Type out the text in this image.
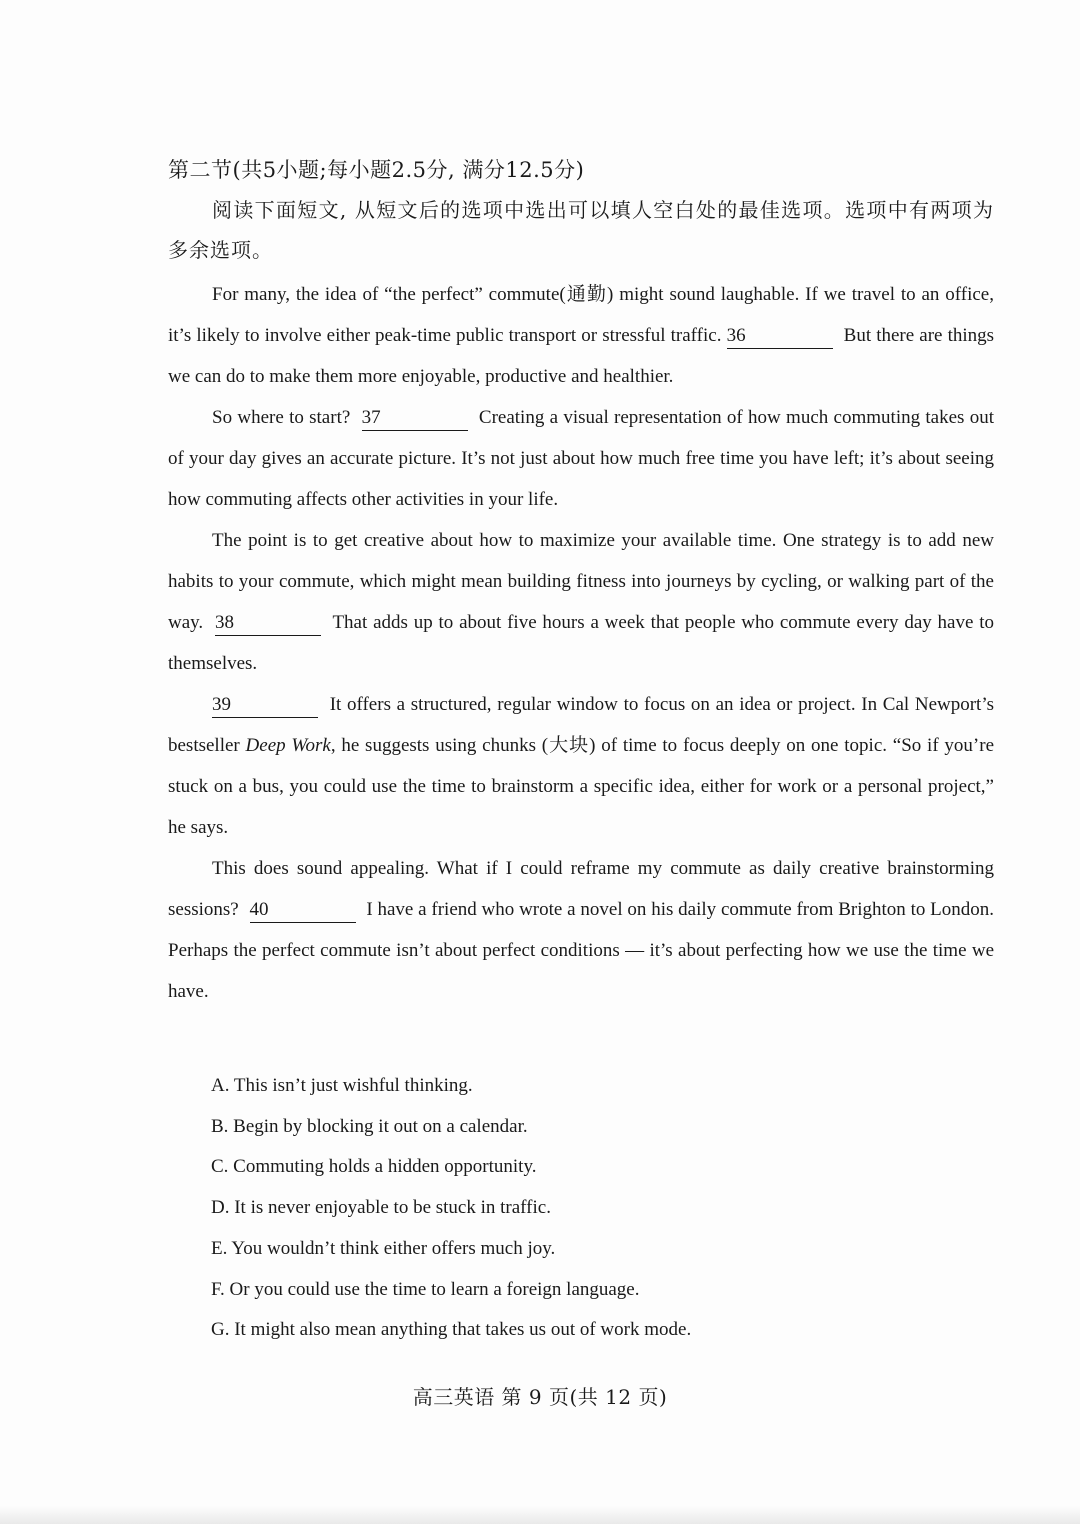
第二节(共5小题;每小题2.5分, 满分12.5分)

阅读下面短文, 从短文后的选项中选出可以填人空白处的最佳选项。选项中有两项为多余选项。

For many, the idea of “the perfect” commute(通勤) might sound laughable. If we travel to an office, it’s likely to involve either peak-time public transport or stressful traffic. 36	But there are things we can do to make them more enjoyable, productive and healthier.

So where to start? 37	Creating a visual representation of how much commuting takes out of your day gives an accurate picture. It’s not just about how much free time you have left; it’s about seeing how commuting affects other activities in your life.

The point is to get creative about how to maximize your available time. One strategy is to add new habits to your commute, which might mean building fitness into journeys by cycling, or walking part of the way. 38	That adds up to about five hours a week that people who commute every day have to themselves.

39	It offers a structured, regular window to focus on an idea or project. In Cal Newport’s bestseller Deep Work, he suggests using chunks (大块) of time to focus deeply on one topic. “So if you’re stuck on a bus, you could use the time to brainstorm a specific idea, either for work or a personal project,” he says.

This does sound appealing. What if I could reframe my commute as daily creative brainstorming sessions? 40	I have a friend who wrote a novel on his daily commute from Brighton to London. Perhaps the perfect commute isn’t about perfect conditions — it’s about perfecting how we use the time we have.

A. This isn’t just wishful thinking.
B. Begin by blocking it out on a calendar.
C. Commuting holds a hidden opportunity.
D. It is never enjoyable to be stuck in traffic.
E. You wouldn’t think either offers much joy.
F. Or you could use the time to learn a foreign language.
G. It might also mean anything that takes us out of work mode.
高三英语 第 9 页(共 12 页)
